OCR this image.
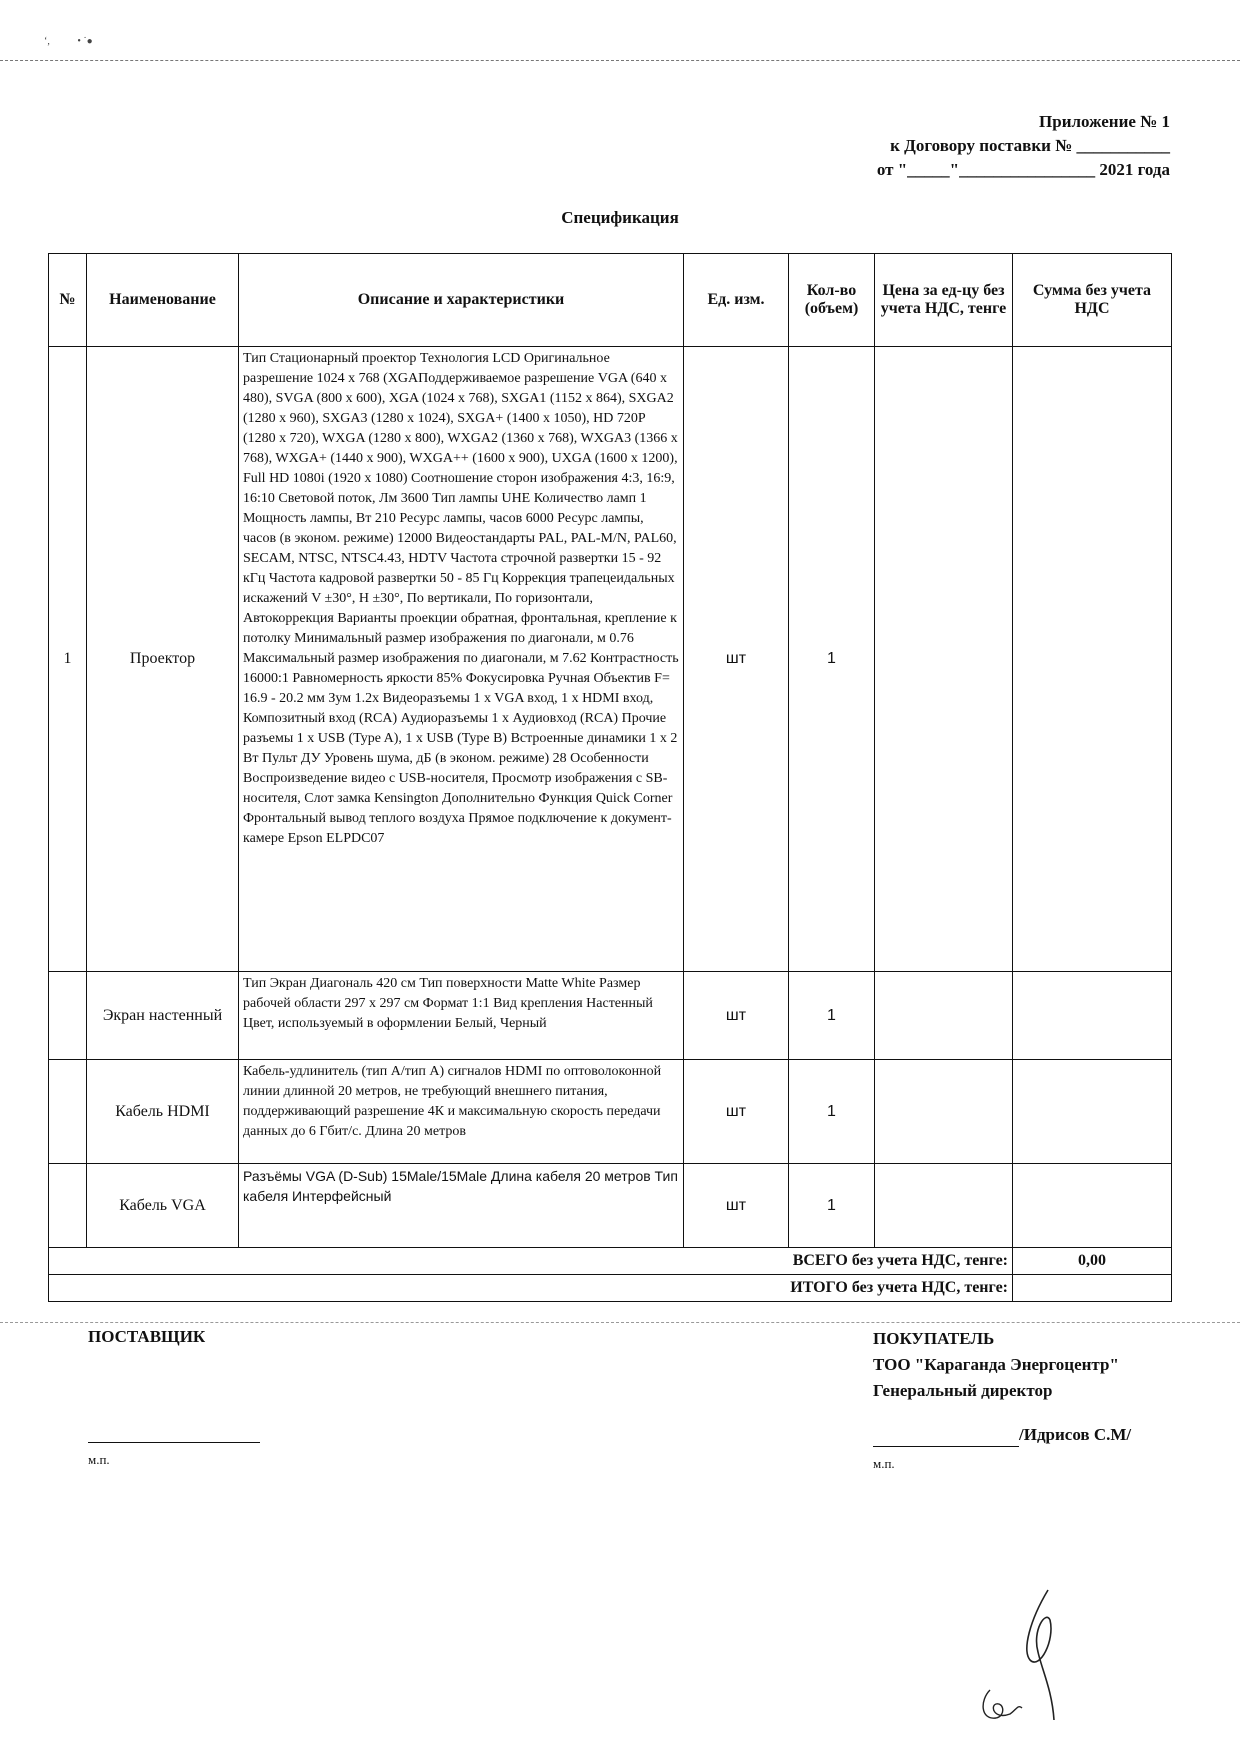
ʻ,           • ˙●
Приложение № 1
к Договору поставки № ___________
от "_____"________________ 2021 года
Спецификация
№	Наименование	Описание и характеристики	Ед. изм.	Кол-во (объем)	Цена за ед-цу без учета НДС, тенге	Сумма без учета НДС
1	Проектор	Тип Стационарный проектор Технология LCD Оригинальное разрешение 1024 x 768 (XGAПоддерживаемое разрешение VGA (640 x 480), SVGA (800 x 600), XGA (1024 x 768), SXGA1 (1152 x 864), SXGA2 (1280 x 960), SXGA3 (1280 x 1024), SXGA+ (1400 x 1050), HD 720P (1280 x 720), WXGA (1280 x 800), WXGA2 (1360 x 768), WXGA3 (1366 x 768), WXGA+ (1440 x 900), WXGA++ (1600 x 900), UXGA (1600 x 1200), Full HD 1080i (1920 x 1080) Соотношение сторон изображения 4:3, 16:9, 16:10 Световой поток, Лм 3600 Тип лампы UHE Количество ламп 1 Мощность лампы, Вт 210 Ресурс лампы, часов 6000 Ресурс лампы, часов (в эконом. режиме) 12000 Видеостандарты PAL, PAL-M/N, PAL60, SECAM, NTSC, NTSC4.43, HDTV Частота строчной развертки 15 - 92 кГц Частота кадровой развертки 50 - 85 Гц Коррекция трапецеидальных искажений V ±30°, H ±30°, По вертикали, По горизонтали, Автокоррекция Варианты проекции обратная, фронтальная, крепление к потолку Минимальный размер изображения по диагонали, м 0.76 Максимальный размер изображения по диагонали, м 7.62 Контрастность 16000:1 Равномерность яркости 85% Фокусировка Ручная Объектив F= 16.9 - 20.2 мм Зум 1.2x Видеоразъемы 1 x VGA вход, 1 x HDMI вход, Композитный вход (RCA) Аудиоразъемы 1 x Аудиовход (RCA) Прочие разъемы 1 x USB (Type A), 1 x USB (Type B) Встроенные динамики 1 x 2 Вт Пульт ДУ Уровень шума, дБ (в эконом. режиме) 28 Особенности Воспроизведение видео с USB-носителя, Просмотр изображения с SB-носителя, Слот замка Kensington Дополнительно Функция Quick Corner Фронтальный вывод теплого воздуха Прямое подключение к документ-камере Epson ELPDC07	шт	1		
	Экран настенный	Тип Экран Диагональ 420 см Тип поверхности Matte White Размер рабочей области 297 x 297 см Формат 1:1 Вид крепления Настенный Цвет, используемый в оформлении Белый, Черный	шт	1		
	Кабель HDMI	Кабель-удлинитель (тип А/тип А) сигналов HDMI по оптоволоконной линии длинной 20 метров, не требующий внешнего питания, поддерживающий разрешение 4К и максимальную скорость передачи данных до 6 Гбит/с. Длина 20 метров	шт	1		
	Кабель VGA	Разъёмы VGA (D-Sub) 15Male/15Male Длина кабеля 20 метров Тип кабеля Интерфейсный	шт	1		
ВСЕГО без учета НДС, тенге:						0,00
ИТОГО без учета НДС, тенге:						
ПОСТАВЩИК
м.п.
ПОКУПАТЕЛЬ
ТОО "Караганда Энергоцентр"
Генеральный директор
/Идрисов С.М/
м.п.
